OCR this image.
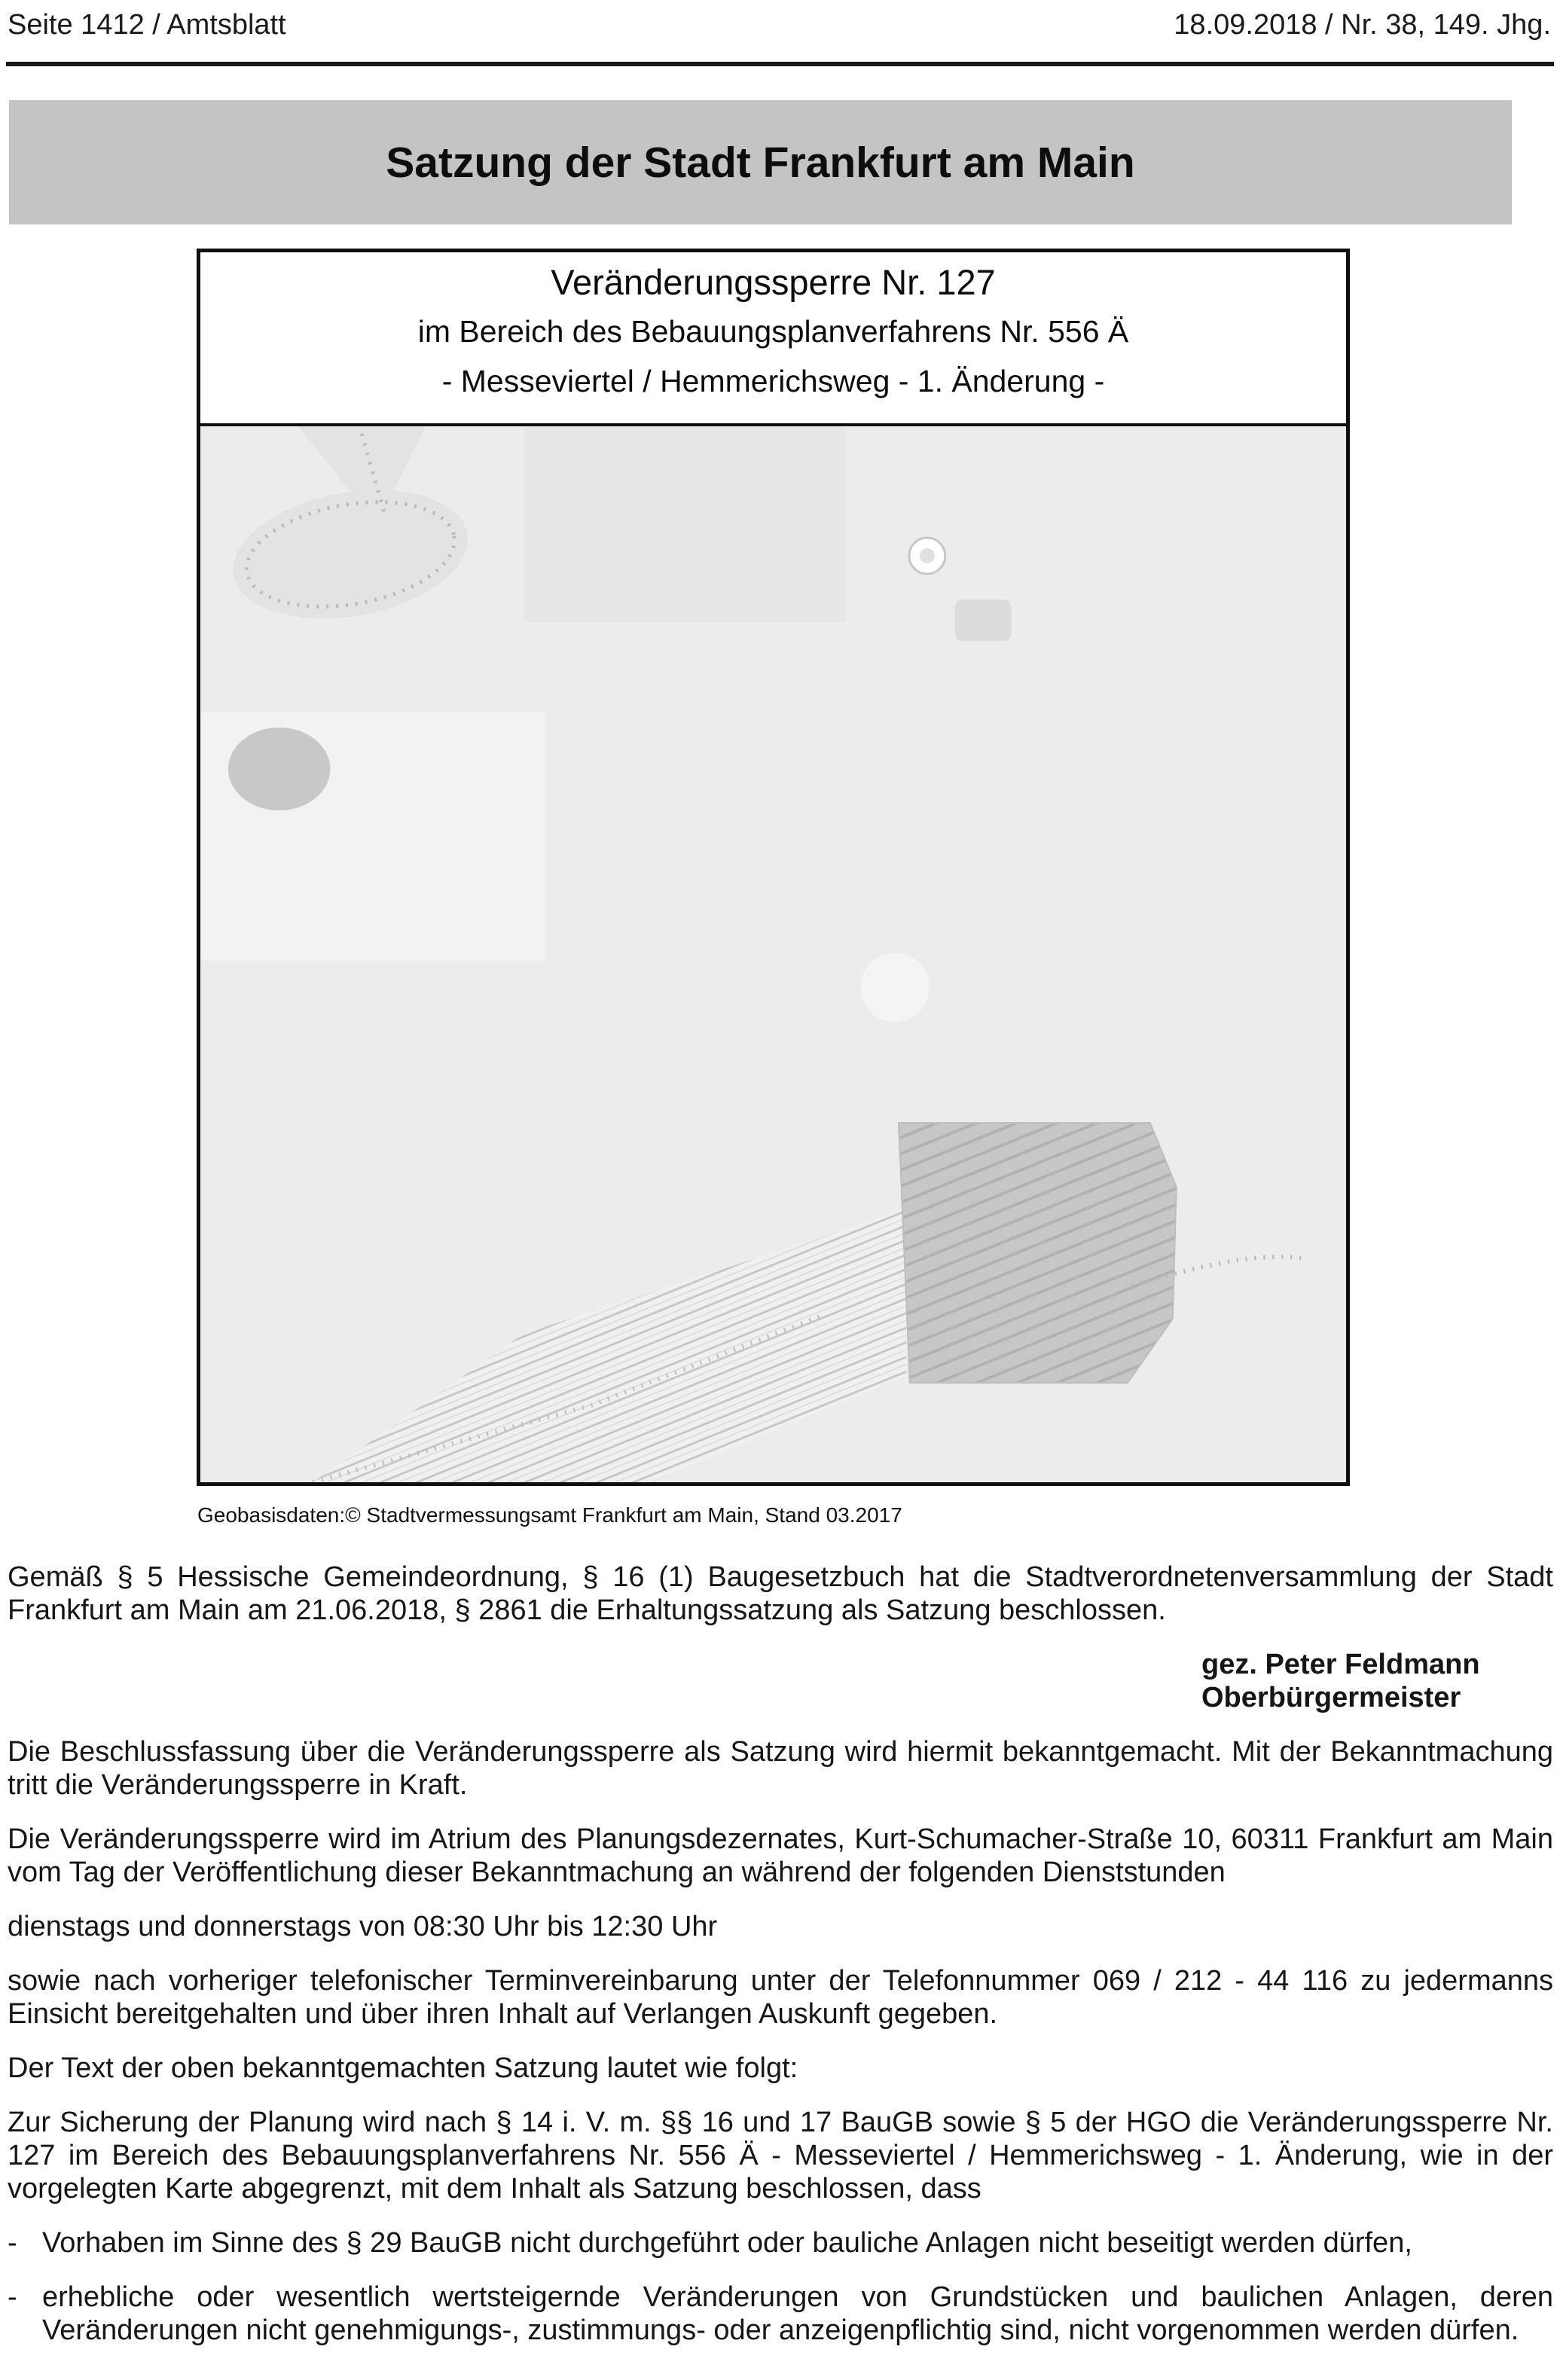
Seite 1412 / Amtsblatt	18.09.2018 / Nr. 38, 149. Jhg.
Satzung der Stadt Frankfurt am Main
Veränderungssperre Nr. 127
im Bereich des Bebauungsplanverfahrens Nr. 556 Ä
- Messeviertel / Hemmerichsweg - 1. Änderung -
Geobasisdaten:© Stadtvermessungsamt Frankfurt am Main, Stand 03.2017

Gemäß § 5 Hessische Gemeindeordnung, § 16 (1) Baugesetzbuch hat die Stadtverordnetenversammlung der Stadt Frankfurt am Main am 21.06.2018, § 2861 die Erhaltungssatzung als Satzung beschlossen.

gez. Peter Feldmann
Oberbürgermeister

Die Beschlussfassung über die Veränderungssperre als Satzung wird hiermit bekanntgemacht. Mit der Bekanntmachung tritt die Veränderungssperre in Kraft.

Die Veränderungssperre wird im Atrium des Planungsdezernates, Kurt-Schumacher-Straße 10, 60311 Frankfurt am Main vom Tag der Veröffentlichung dieser Bekanntmachung an während der folgenden Dienststunden

dienstags und donnerstags von 08:30 Uhr bis 12:30 Uhr

sowie nach vorheriger telefonischer Terminvereinbarung unter der Telefonnummer 069 / 212 - 44 116 zu jedermanns Einsicht bereitgehalten und über ihren Inhalt auf Verlangen Auskunft gegeben.

Der Text der oben bekanntgemachten Satzung lautet wie folgt:

Zur Sicherung der Planung wird nach § 14 i. V. m. §§ 16 und 17 BauGB sowie § 5 der HGO die Veränderungssperre Nr. 127 im Bereich des Bebauungsplanverfahrens Nr. 556 Ä - Messeviertel / Hemmerichsweg - 1. Änderung, wie in der vorgelegten Karte abgegrenzt, mit dem Inhalt als Satzung beschlossen, dass

- Vorhaben im Sinne des § 29 BauGB nicht durchgeführt oder bauliche Anlagen nicht beseitigt werden dürfen,
- erhebliche oder wesentlich wertsteigernde Veränderungen von Grundstücken und baulichen Anlagen, deren Veränderungen nicht genehmigungs-, zustimmungs- oder anzeigenpflichtig sind, nicht vorgenommen werden dürfen.
